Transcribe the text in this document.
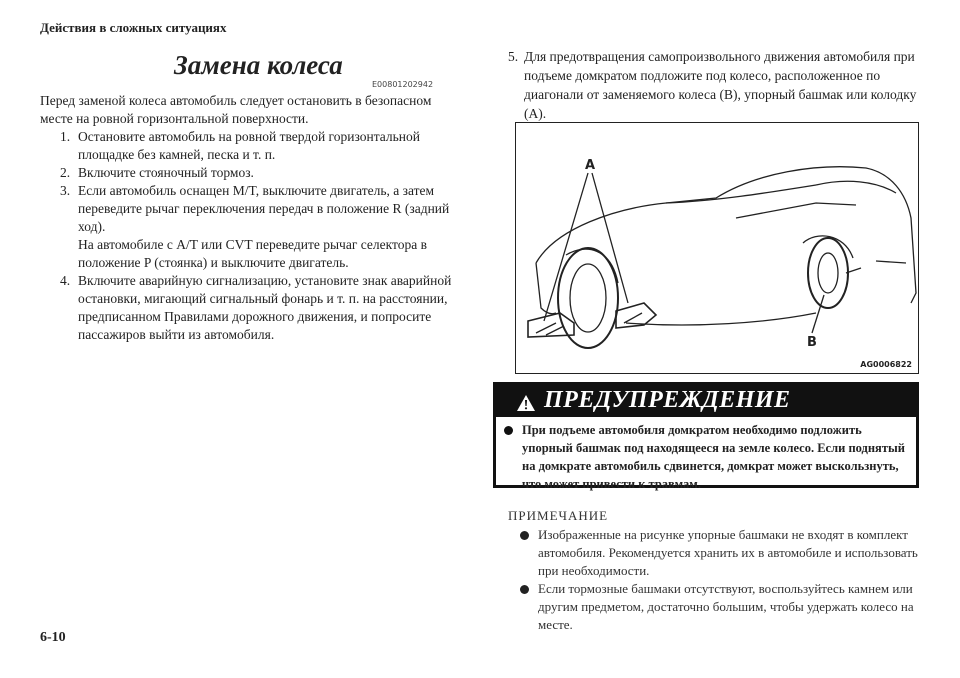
Действия в сложных ситуациях
Замена колеса
E00801202942
Перед заменой колеса автомобиль следует остановить в безопасном месте на ровной горизонтальной поверхности.
1. Остановите автомобиль на ровной твердой горизонтальной площадке без камней, песка и т. п.
2. Включите стояночный тормоз.
3. Если автомобиль оснащен M/T, выключите двигатель, а затем переведите рычаг переключения передач в положение R (задний ход).
На автомобиле с A/T или CVT переведите рычаг селектора в положение P (стоянка) и выключите двигатель.
4. Включите аварийную сигнализацию, установите знак аварийной остановки, мигающий сигнальный фонарь и т. п. на расстоянии, предписанном Правилами дорожного движения, и попросите пассажиров выйти из автомобиля.
6-10
5. Для предотвращения самопроизвольного движения автомобиля при подъеме домкратом подложите под колесо, расположенное по диагонали от заменяемого колеса (B), упорный башмак или колодку (A).
A
B
AG0006822
ПРЕДУПРЕЖДЕНИЕ
При подъеме автомобиля домкратом необходимо подложить упорный башмак под находящееся на земле колесо. Если поднятый на домкрате автомобиль сдвинется, домкрат может выскользнуть, что может привести к травмам.
ПРИМЕЧАНИЕ
Изображенные на рисунке упорные башмаки не входят в комплект автомобиля. Рекомендуется хранить их в автомобиле и использовать при необходимости.
Если тормозные башмаки отсутствуют, воспользуйтесь камнем или другим предметом, достаточно большим, чтобы удержать колесо на месте.
